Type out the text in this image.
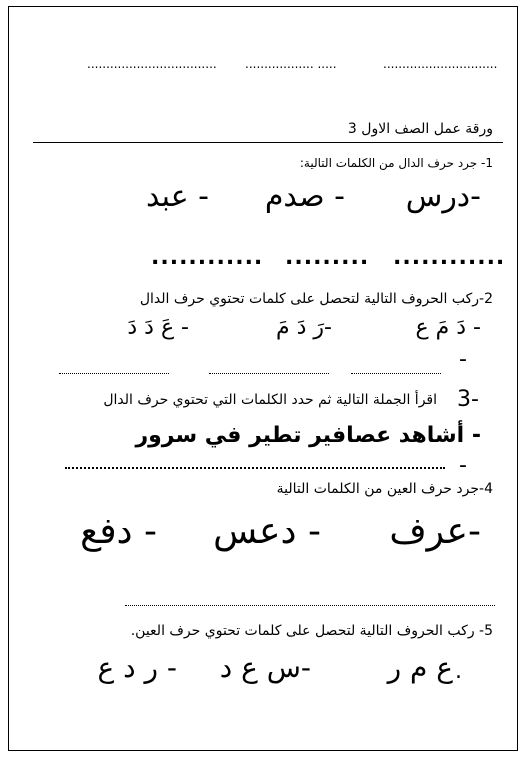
.................................. .................. .....	..............................
ورقة عمل الصف الاول 3
1- جرد حرف الدال من الكلمات التالية:
-درس
- صدم
- عبد
............
.........
............
2-ركب الحروف التالية لتحصل على كلمات تحتوي حرف الدال
- دَ مَ ع
-رَ دَ مَ
- عَ دَ دَ
-
3-
اقرأ الجملة التالية ثم حدد الكلمات التي تحتوي حرف الدال
- أشاهد عصافير تطير في سرور
-
4-جرد حرف العين من الكلمات التالية
-عرف
- دعس
- دفع
5- ركب الحروف التالية لتحصل على كلمات تحتوي حرف العين.
.
ع م ر
-س ع د
- ر د ع
